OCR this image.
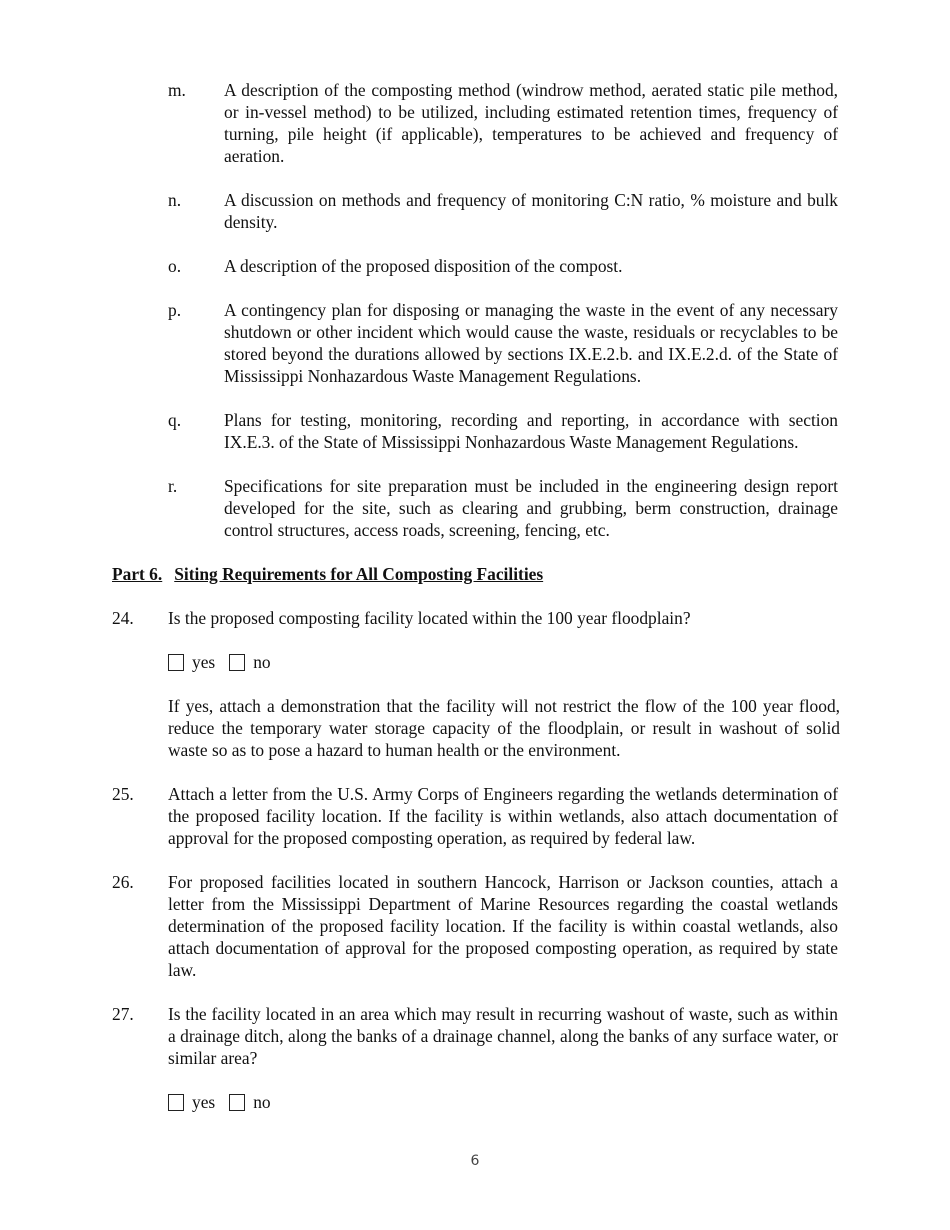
m.	A description of the composting method (windrow method, aerated static pile method, or in-vessel method) to be utilized, including estimated retention times, frequency of turning, pile height (if applicable), temperatures to be achieved and frequency of aeration.
n.	A discussion on methods and frequency of monitoring C:N ratio, % moisture and bulk density.
o.	A description of the proposed disposition of the compost.
p.	A contingency plan for disposing or managing the waste in the event of any necessary shutdown or other incident which would cause the waste, residuals or recyclables to be stored beyond the durations allowed by sections IX.E.2.b. and IX.E.2.d. of the State of Mississippi Nonhazardous Waste Management Regulations.
q.	Plans for testing, monitoring, recording and reporting, in accordance with section IX.E.3. of the State of Mississippi Nonhazardous Waste Management Regulations.
r.	Specifications for site preparation must be included in the engineering design report developed for the site, such as clearing and grubbing, berm construction, drainage control structures, access roads, screening, fencing, etc.
Part 6. Siting Requirements for All Composting Facilities
24.	Is the proposed composting facility located within the 100 year floodplain?
yes no
If yes, attach a demonstration that the facility will not restrict the flow of the 100 year flood, reduce the temporary water storage capacity of the floodplain, or result in washout of solid waste so as to pose a hazard to human health or the environment.
25.	Attach a letter from the U.S. Army Corps of Engineers regarding the wetlands determination of the proposed facility location. If the facility is within wetlands, also attach documentation of approval for the proposed composting operation, as required by federal law.
26.	For proposed facilities located in southern Hancock, Harrison or Jackson counties, attach a letter from the Mississippi Department of Marine Resources regarding the coastal wetlands determination of the proposed facility location. If the facility is within coastal wetlands, also attach documentation of approval for the proposed composting operation, as required by state law.
27.	Is the facility located in an area which may result in recurring washout of waste, such as within a drainage ditch, along the banks of a drainage channel, along the banks of any surface water, or similar area?
yes no
6
